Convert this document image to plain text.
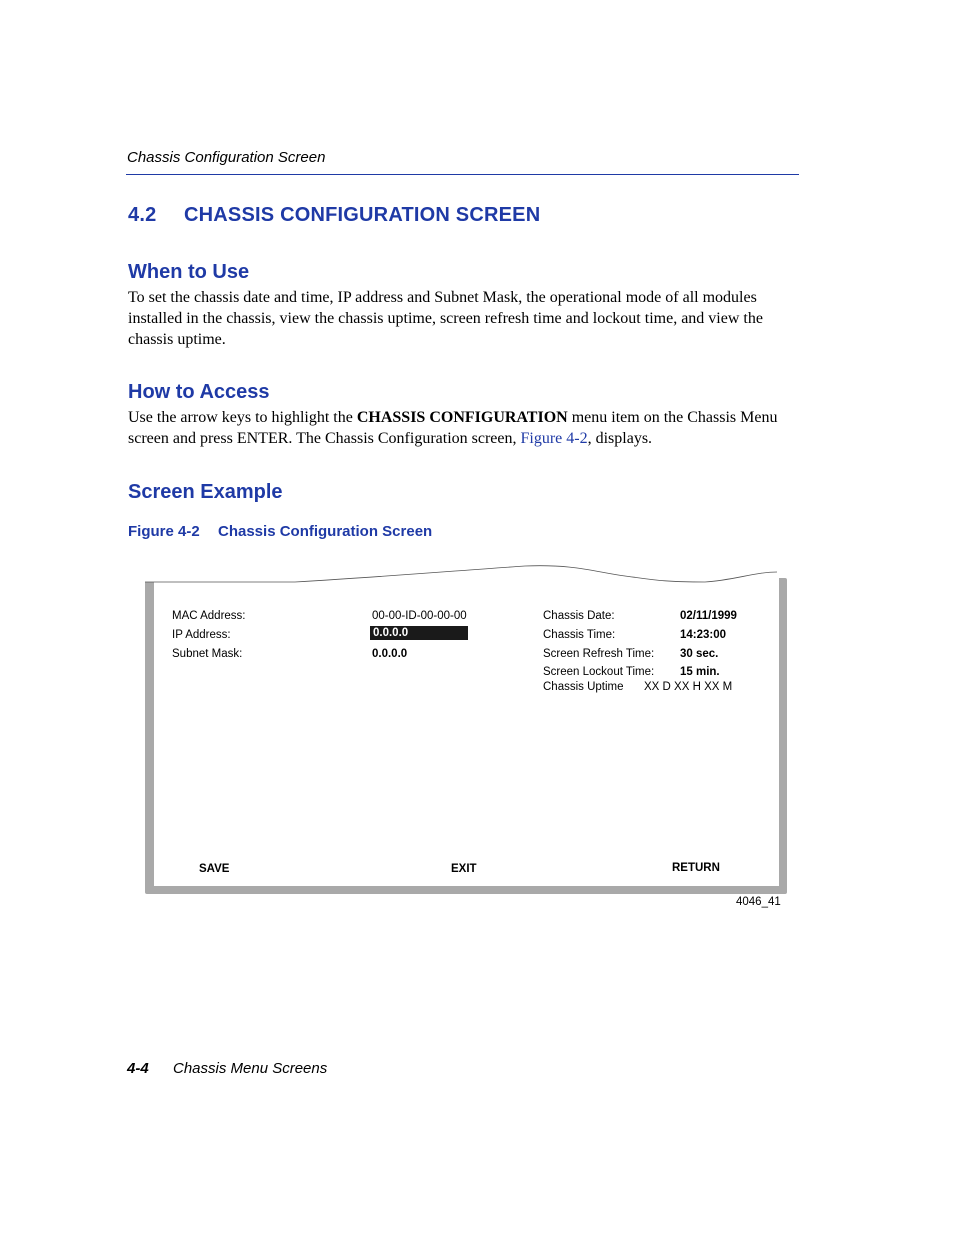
Chassis Configuration Screen
4.2 CHASSIS CONFIGURATION SCREEN
When to Use

To set the chassis date and time, IP address and Subnet Mask, the operational mode of all modules installed in the chassis, view the chassis uptime, screen refresh time and lockout time, and view the chassis uptime.

How to Access

Use the arrow keys to highlight the CHASSIS CONFIGURATION menu item on the Chassis Menu screen and press ENTER. The Chassis Configuration screen, Figure 4-2, displays.

Screen Example
Figure 4-2 Chassis Configuration Screen
MAC Address:	00-00-ID-00-00-00
IP Address:	0.0.0.0
Subnet Mask:	0.0.0.0
Chassis Date:	02/11/1999
Chassis Time:	14:23:00
Screen Refresh Time: 30 sec.
Screen Lockout Time: 15 min.
Chassis Uptime XX D XX H XX M
SAVE	EXIT	RETURN
4046_41
4-4 Chassis Menu Screens
